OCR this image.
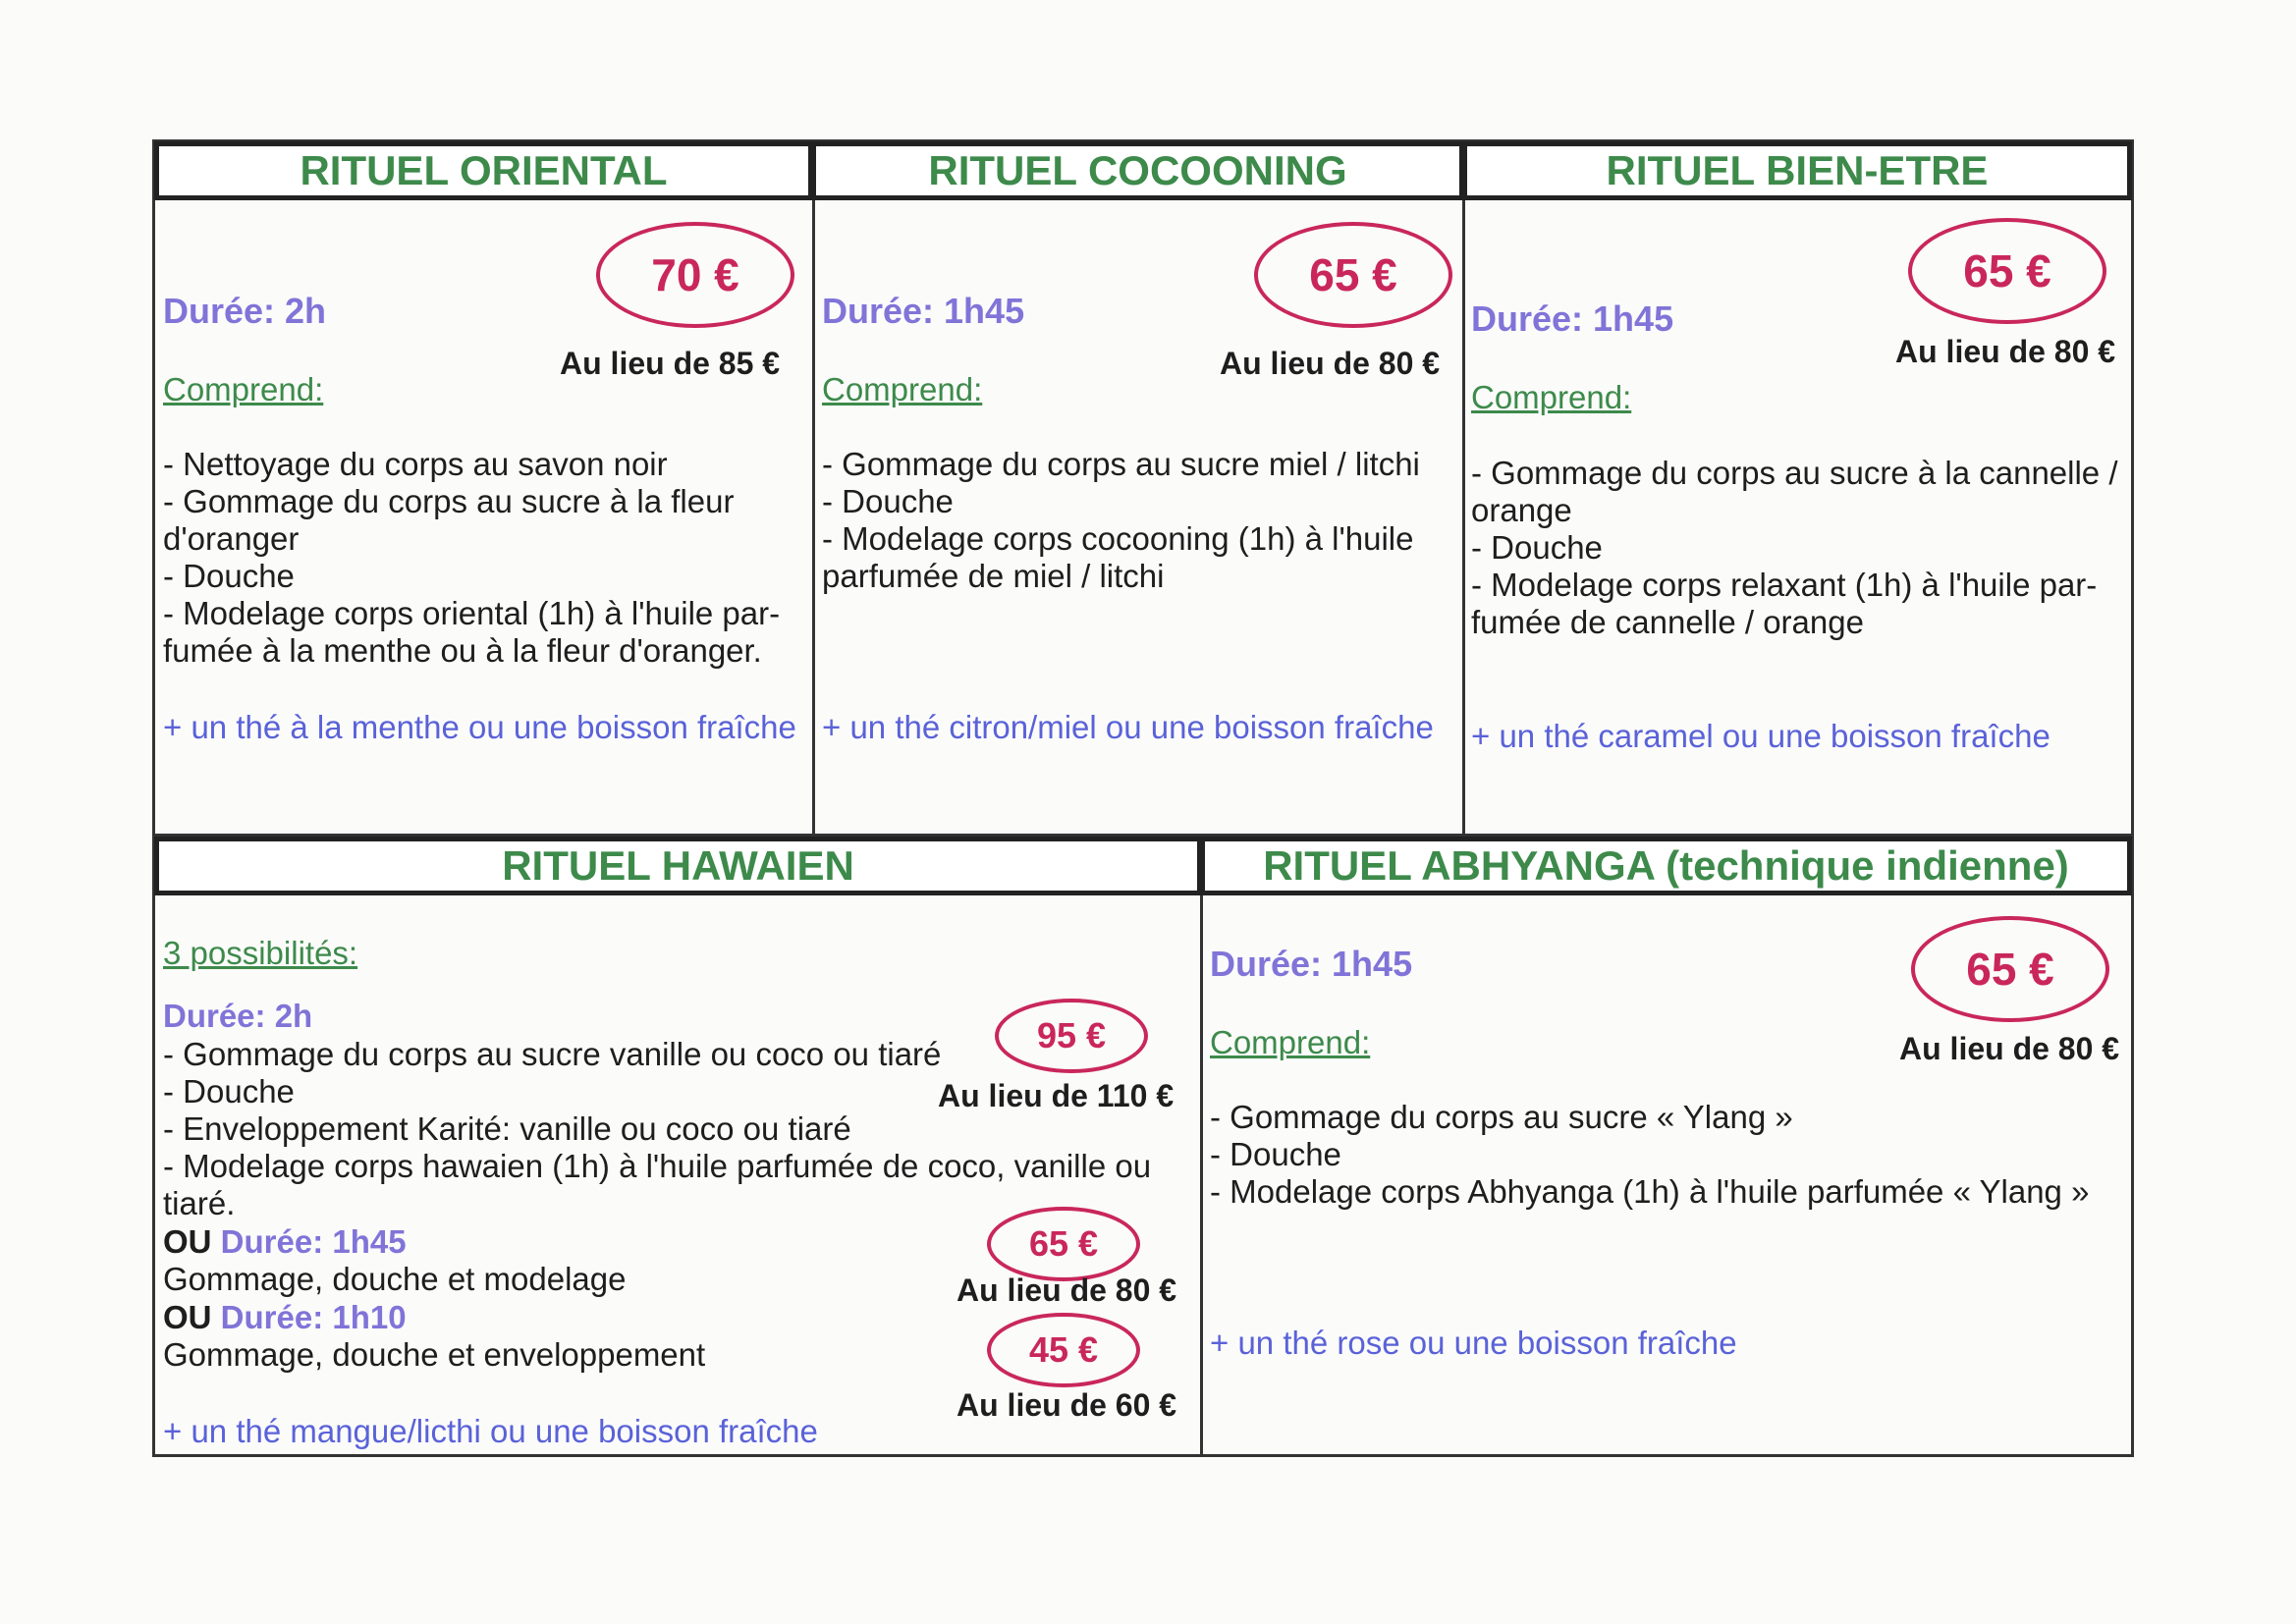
RITUEL ORIENTAL
70 €
Durée: 2h
Au lieu de 85 €
Comprend:
- Nettoyage du corps au savon noir
- Gommage du corps au sucre à la fleur
d'oranger
- Douche
- Modelage corps oriental (1h) à l'huile par-
fumée à la menthe ou à la fleur d'oranger.
+ un thé à la menthe ou une boisson fraîche
RITUEL COCOONING
65 €
Durée: 1h45
Au lieu de 80 €
Comprend:
- Gommage du corps au sucre miel / litchi
- Douche
- Modelage corps cocooning (1h) à l'huile
parfumée de miel / litchi
+ un thé citron/miel ou une boisson fraîche
RITUEL BIEN-ETRE
65 €
Durée: 1h45
Au lieu de 80 €
Comprend:
- Gommage du corps au sucre à la cannelle /
orange
- Douche
- Modelage corps relaxant (1h) à l'huile par-
fumée de cannelle / orange
+ un thé caramel ou une boisson fraîche
RITUEL HAWAIEN
3 possibilités:
Durée: 2h
- Gommage du corps au sucre vanille ou coco ou tiaré
- Douche
- Enveloppement Karité: vanille ou coco ou tiaré
- Modelage corps hawaien (1h) à l'huile parfumée de coco, vanille ou
tiaré.
OU Durée: 1h45
Gommage, douche et modelage
OU Durée: 1h10
Gommage, douche et enveloppement
95 €
Au lieu de 110 €
65 €
Au lieu de 80 €
45 €
Au lieu de 60 €
+ un thé mangue/licthi ou une boisson fraîche
RITUEL ABHYANGA (technique indienne)
65 €
Durée: 1h45
Comprend:	Au lieu de 80 €
- Gommage du corps au sucre « Ylang »
- Douche
- Modelage corps Abhyanga (1h) à l'huile parfumée « Ylang »
+ un thé rose ou une boisson fraîche
